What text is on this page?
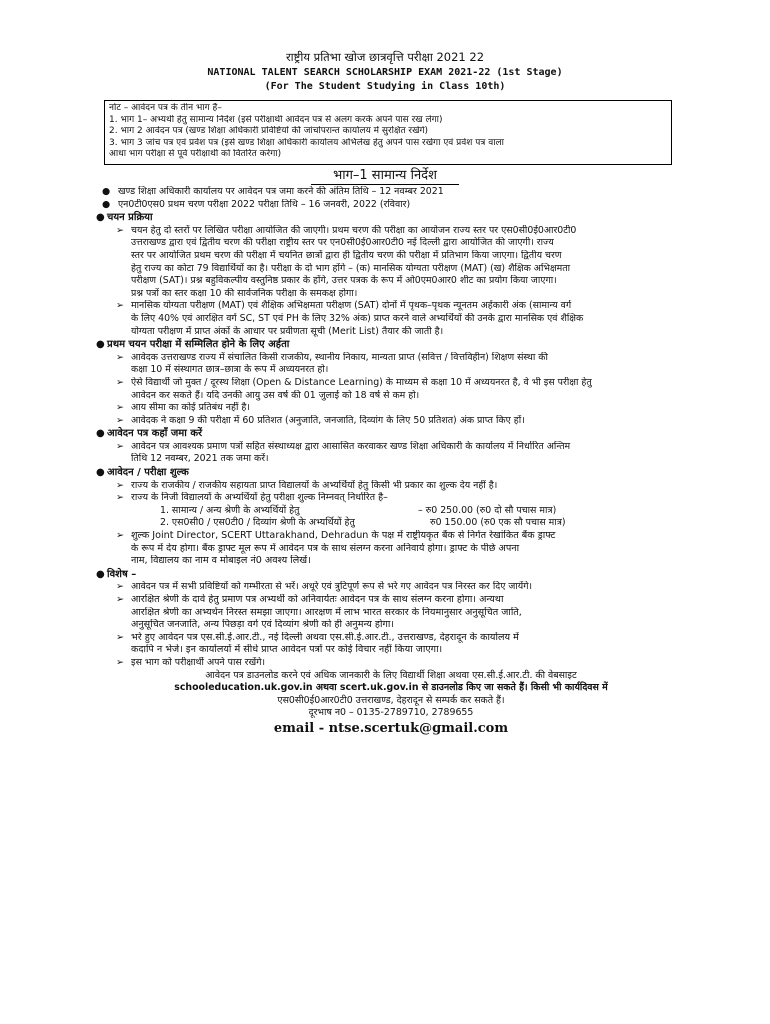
राष्ट्रीय प्रतिभा खोज छात्रवृत्ति परीक्षा 2021 22
NATIONAL TALENT SEARCH SCHOLARSHIP EXAM 2021-22 (1st Stage)
(For The Student Studying in Class 10th)
नोट – आवेदन पत्र के तीन भाग हैं–
1. भाग 1– अभ्यर्थी हेतु सामान्य निर्देश (इसे परीक्षार्थी आवेदन पत्र से अलग करके अपने पास रख लेगा)
2. भाग 2 आवेदन पत्र (खण्ड शिक्षा अधिकारी प्रविष्टियों की जांचोपरान्त कार्यालय में सुरक्षित रखेंगे)
3. भाग 3 जांच पत्र एवं प्रवेश पत्र (इसे खण्ड शिक्षा अधिकारी कार्यालय अभिलेख हेतु अपने पास रखेगा एवं प्रवेश पत्र वाला
आधा भाग परीक्षा से पूर्व परीक्षार्थी को वितरित करेगा)
भाग–1 सामान्य निर्देश
● खण्ड शिक्षा अधिकारी कार्यालय पर आवेदन पत्र जमा करने की अंतिम तिथि – 12 नवम्बर 2021
● एन0टी0एस0 प्रथम चरण परीक्षा 2022 परीक्षा तिथि – 16 जनवरी, 2022 (रविवार)
● चयन प्रक्रिया
➢ चयन हेतु दो स्तरों पर लिखित परीक्षा आयोजित की जाएगी। प्रथम चरण की परीक्षा का आयोजन राज्य स्तर पर एस0सी0ई0आर0टी0
उत्तराखण्ड द्वारा एवं द्वितीय चरण की परीक्षा राष्ट्रीय स्तर पर एन0सी0ई0आर0टी0 नई दिल्ली द्वारा आयोजित की जाएगी। राज्य
स्तर पर आयोजित प्रथम चरण की परीक्षा में चयनित छात्रों द्वारा ही द्वितीय चरण की परीक्षा में प्रतिभाग किया जाएगा। द्वितीय चरण
हेतु राज्य का कोटा 79 विद्यार्थियों का है। परीक्षा के दो भाग होंगे – (क) मानसिक योग्यता परीक्षण (MAT) (ख) शैक्षिक अभिक्षमता
परीक्षण (SAT)। प्रश्न बहुविकल्पीय वस्तुनिष्ठ प्रकार के होंगे, उत्तर पत्रक के रूप में ओ0एम0आर0 शीट का प्रयोग किया जाएगा।
प्रश्न पत्रों का स्तर कक्षा 10 की सार्वजनिक परीक्षा के समकक्ष होगा।
➢ मानसिक योग्यता परीक्षण (MAT) एवं शैक्षिक अभिक्षमता परीक्षण (SAT) दोनों में पृथक–पृथक न्यूनतम अर्हकारी अंक (सामान्य वर्ग
के लिए 40% एवं आरक्षित वर्ग SC, ST एवं PH के लिए 32% अंक) प्राप्त करने वाले अभ्यर्थियों की उनके द्वारा मानसिक एवं शैक्षिक
योग्यता परीक्षण में प्राप्त अंकों के आधार पर प्रवीणता सूची (Merit List) तैयार की जाती है।
● प्रथम चयन परीक्षा में सम्मिलित होने के लिए अर्हता
➢ आवेदक उत्तराखण्ड राज्य में संचालित किसी राजकीय, स्थानीय निकाय, मान्यता प्राप्त (सवित्त / वित्तविहीन) शिक्षण संस्था की
कक्षा 10 में संस्थागत छात्र–छात्रा के रूप में अध्ययनरत हो।
➢ ऐसे विद्यार्थी जो मुक्त / दूरस्थ शिक्षा (Open & Distance Learning) के माध्यम से कक्षा 10 में अध्ययनरत है, वे भी इस परीक्षा हेतु
आवेदन कर सकते हैं। यदि उनकी आयु उस वर्ष की 01 जुलाई को 18 वर्ष से कम हो।
➢ आय सीमा का कोई प्रतिबंध नहीं है।
➢ आवेदक ने कक्षा 9 की परीक्षा में 60 प्रतिशत (अनुजाति, जनजाति, दिव्यांग के लिए 50 प्रतिशत) अंक प्राप्त किए हों।
● आवेदन पत्र कहाँ जमा करें
➢ आवेदन पत्र आवश्यक प्रमाण पत्रों सहित संस्थाध्यक्ष द्वारा आसासित करवाकर खण्ड शिक्षा अधिकारी के कार्यालय में निर्धारित अन्तिम
तिथि 12 नवम्बर, 2021 तक जमा करें।
● आवेदन / परीक्षा शुल्क
➢ राज्य के राजकीय / राजकीय सहायता प्राप्त विद्यालयों के अभ्यर्थियों हेतु किसी भी प्रकार का शुल्क देय नहीं है।
➢ राज्य के निजी विद्यालयों के अभ्यर्थियों हेतु परीक्षा शुल्क निम्नवत् निर्धारित है–
1. सामान्य / अन्य श्रेणी के अभ्यर्थियों हेतु	– रु0 250.00 (रु0 दो सौ पचास मात्र)
2. एस0सी0 / एस0टी0 / दिव्यांग श्रेणी के अभ्यर्थियों हेतु	रु0 150.00 (रु0 एक सौ पचास मात्र)
➢ शुल्क Joint Director, SCERT Uttarakhand, Dehradun के पक्ष में राष्ट्रीयकृत बैंक से निर्गत रेखांकित बैंक ड्राफ्ट
के रूप में देय होगा। बैंक ड्राफ्ट मूल रूप में आवेदन पत्र के साथ संलग्न करना अनिवार्य होगा। ड्राफ्ट के पीछे अपना
नाम, विद्यालय का नाम व मोबाइल नं0 अवश्य लिखें।
● विशेष –
➢ आवेदन पत्र में सभी प्रविष्टियों को गम्भीरता से भरें। अधूरे एवं त्रुटिपूर्ण रूप से भरे गए आवेदन पत्र निरस्त कर दिए जायेंगे।
➢ आरक्षित श्रेणी के दावे हेतु प्रमाण पत्र अभ्यर्थी को अनिवार्यतः आवेदन पत्र के साथ संलग्न करना होगा। अन्यथा
आरक्षित श्रेणी का अभ्यर्थन निरस्त समझा जाएगा। आरक्षण में लाभ भारत सरकार के नियमानुसार अनुसूचित जाति,
अनुसूचित जनजाति, अन्य पिछड़ा वर्ग एवं दिव्यांग श्रेणी को ही अनुमन्य होगा।
➢ भरे हुए आवेदन पत्र एस.सी.ई.आर.टी., नई दिल्ली अथवा एस.सी.ई.आर.टी., उत्तराखण्ड, देहरादून के कार्यालय में
कदापि न भेजे। इन कार्यालयों में सीधे प्राप्त आवेदन पत्रों पर कोई विचार नहीं किया जाएगा।
➢ इस भाग को परीक्षार्थी अपने पास रखेंगे।
आवेदन पत्र डाउनलोड करने एवं अधिक जानकारी के लिए विद्यार्थी शिक्षा अथवा एस.सी.ई.आर.टी. की वेबसाइट
schooleducation.uk.gov.in अथवा scert.uk.gov.in से डाउनलोड किए जा सकते हैं। किसी भी कार्यदिवस में
एस0सी0ई0आर0टी0 उत्तराखण्ड, देहरादून से सम्पर्क कर सकते हैं।
दूरभाष न0 – 0135-2789710, 2789655
email - ntse.scertuk@gmail.com
